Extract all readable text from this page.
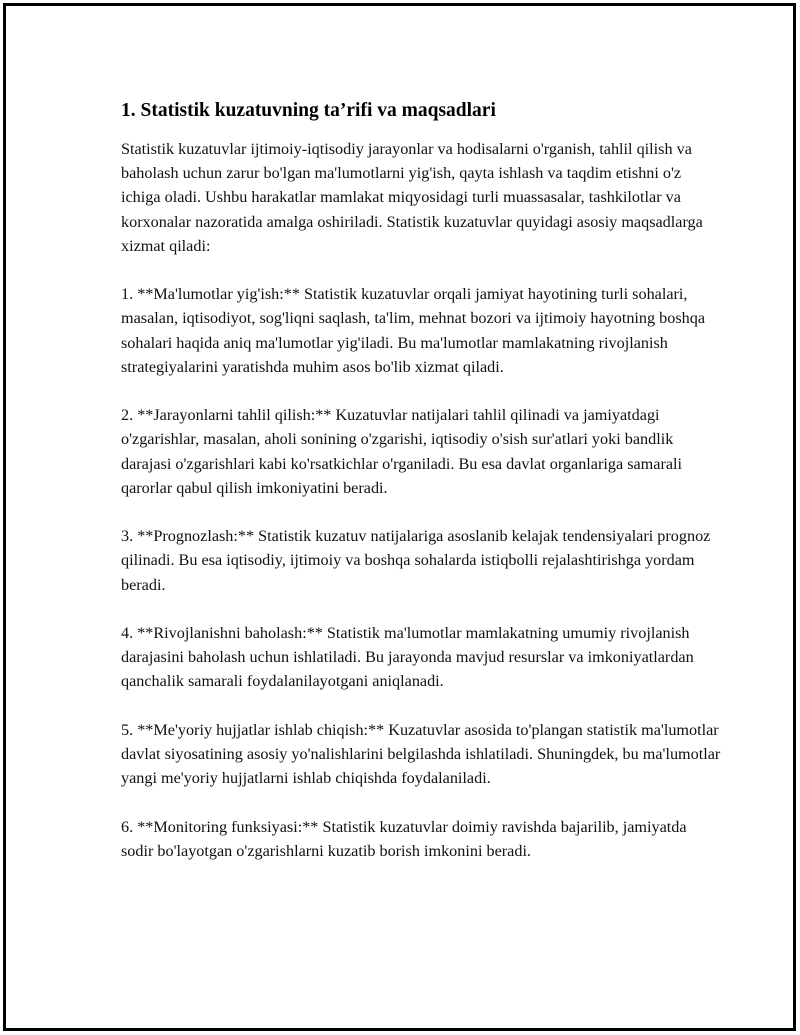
1. Statistik kuzatuvning ta’rifi va maqsadlari

Statistik kuzatuvlar ijtimoiy-iqtisodiy jarayonlar va hodisalarni o'rganish, tahlil qilish va baholash uchun zarur bo'lgan ma'lumotlarni yig'ish, qayta ishlash va taqdim etishni o'z ichiga oladi. Ushbu harakatlar mamlakat miqyosidagi turli muassasalar, tashkilotlar va korxonalar nazoratida amalga oshiriladi. Statistik kuzatuvlar quyidagi asosiy maqsadlarga xizmat qiladi:

1. **Ma'lumotlar yig'ish:** Statistik kuzatuvlar orqali jamiyat hayotining turli sohalari, masalan, iqtisodiyot, sog'liqni saqlash, ta'lim, mehnat bozori va ijtimoiy hayotning boshqa sohalari haqida aniq ma'lumotlar yig'iladi. Bu ma'lumotlar mamlakatning rivojlanish strategiyalarini yaratishda muhim asos bo'lib xizmat qiladi.

2. **Jarayonlarni tahlil qilish:** Kuzatuvlar natijalari tahlil qilinadi va jamiyatdagi o'zgarishlar, masalan, aholi sonining o'zgarishi, iqtisodiy o'sish sur'atlari yoki bandlik darajasi o'zgarishlari kabi ko'rsatkichlar o'rganiladi. Bu esa davlat organlariga samarali qarorlar qabul qilish imkoniyatini beradi.

3. **Prognozlash:** Statistik kuzatuv natijalariga asoslanib kelajak tendensiyalari prognoz qilinadi. Bu esa iqtisodiy, ijtimoiy va boshqa sohalarda istiqbolli rejalashtirishga yordam beradi.

4. **Rivojlanishni baholash:** Statistik ma'lumotlar mamlakatning umumiy rivojlanish darajasini baholash uchun ishlatiladi. Bu jarayonda mavjud resurslar va imkoniyatlardan qanchalik samarali foydalanilayotgani aniqlanadi.

5. **Me'yoriy hujjatlar ishlab chiqish:** Kuzatuvlar asosida to'plangan statistik ma'lumotlar davlat siyosatining asosiy yo'nalishlarini belgilashda ishlatiladi. Shuningdek, bu ma'lumotlar yangi me'yoriy hujjatlarni ishlab chiqishda foydalaniladi.

6. **Monitoring funksiyasi:** Statistik kuzatuvlar doimiy ravishda bajarilib, jamiyatda sodir bo'layotgan o'zgarishlarni kuzatib borish imkonini beradi.
